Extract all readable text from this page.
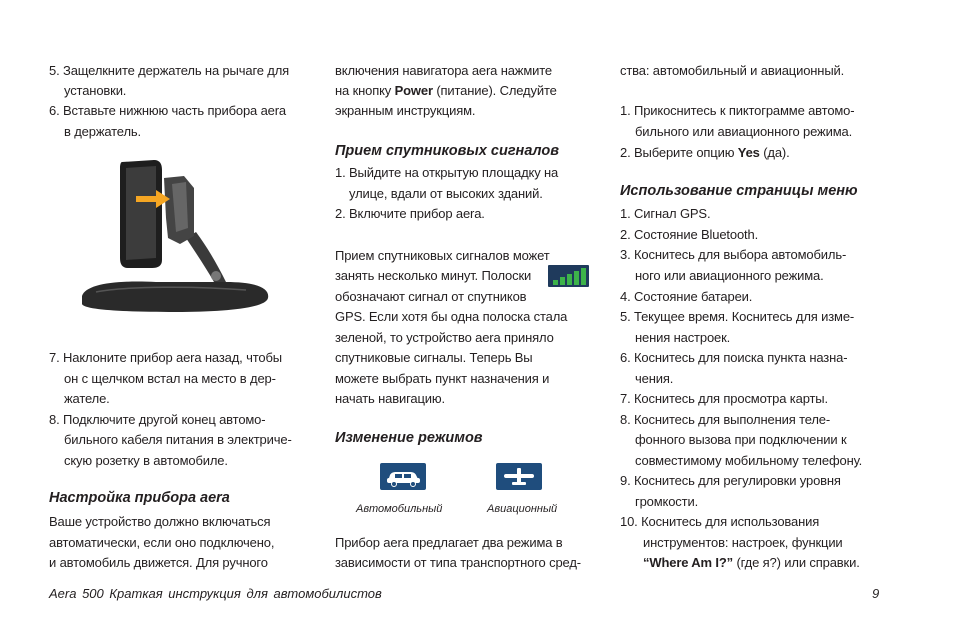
5. Защелкните держатель на рычаге для
установки.
6. Вставьте нижнюю часть прибора aera
в держатель.
7. Наклоните прибор aera назад, чтобы
он с щелчком встал на место в дер-
жателе.
8. Подключите другой конец автомо-
бильного кабеля питания в электриче-
скую розетку в автомобиле.
Настройка прибора aera
Ваше устройство должно включаться
автоматически, если оно подключено,
и автомобиль движется. Для ручного
включения навигатора aera нажмите
на кнопку Power (питание). Следуйте
экранным инструкциям.
Прием спутниковых сигналов
1. Выйдите на открытую площадку на
улице, вдали от высоких зданий.
2. Включите прибор aera.
Прием спутниковых сигналов может
занять несколько минут. Полоски
обозначают сигнал от спутников
GPS. Если хотя бы одна полоска стала
зеленой, то устройство aera приняло
спутниковые сигналы. Теперь Вы
можете выбрать пункт назначения и
начать навигацию.
Изменение режимов
Автомобильный	Авиационный
Прибор aera предлагает два режима в
зависимости от типа транспортного сред-
ства: автомобильный и авиационный.
1. Прикоснитесь к пиктограмме автомо-
бильного или авиационного режима.
2. Выберите опцию Yes (да).
Использование страницы меню
1. Сигнал GPS.
2. Состояние Bluetooth.
3. Коснитесь для выбора автомобиль-
ного или авиационного режима.
4. Состояние батареи.
5. Текущее время. Коснитесь для изме-
нения настроек.
6. Коснитесь для поиска пункта назна-
чения.
7. Коснитесь для просмотра карты.
8. Коснитесь для выполнения теле-
фонного вызова при подключении к
совместимому мобильному телефону.
9. Коснитесь для регулировки уровня
громкости.
10. Коснитесь для использования
инструментов: настроек, функции
“Where Am I?” (где я?) или справки.
Aera 500 Краткая инструкция для автомобилистов	9
